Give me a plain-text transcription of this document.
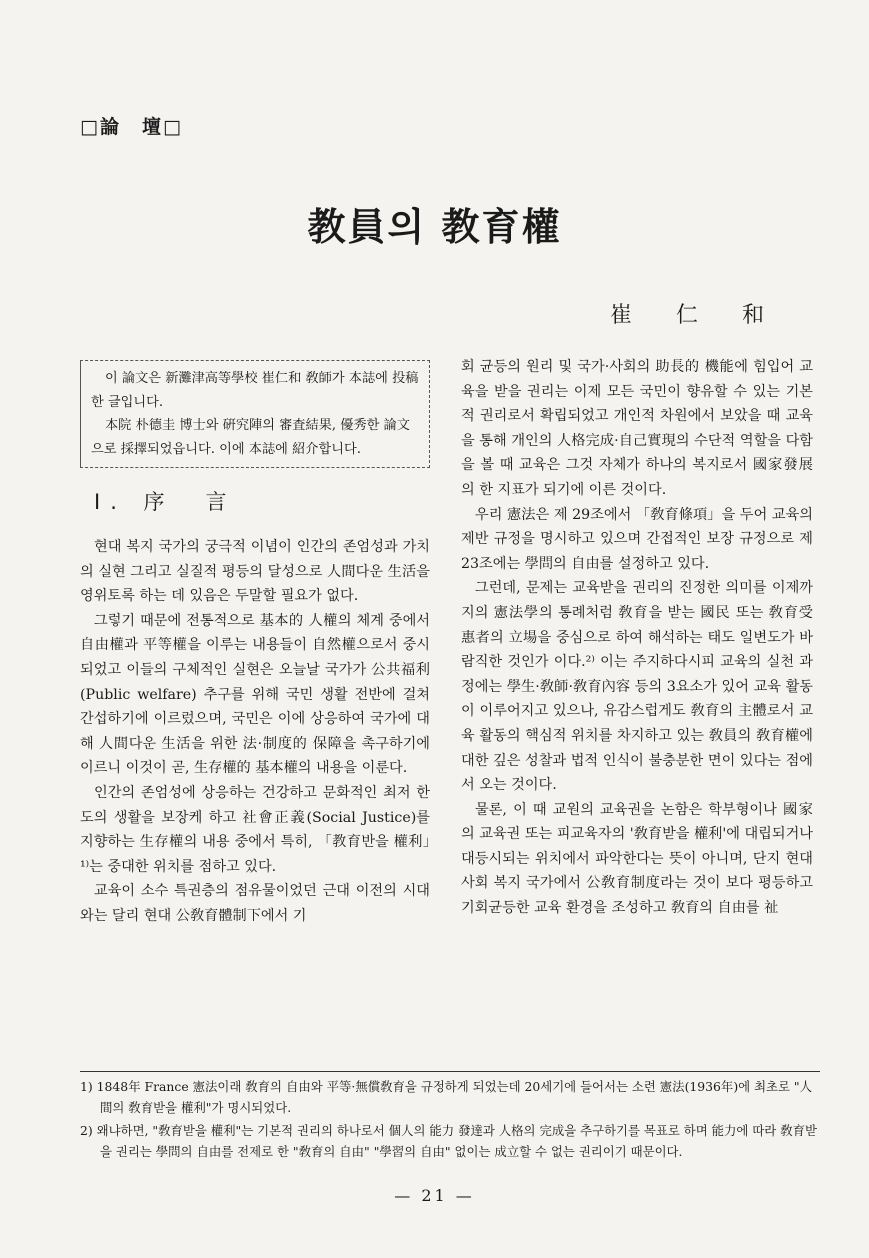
□論　壇□
教員의 教育權
崔仁和

이 論文은 新灘津高等學校 崔仁和 敎師가 本誌에 投稿한 글입니다.

本院 朴德圭 博士와 硏究陣의 審査結果, 優秀한 論文으로 採擇되었읍니다. 이에 本誌에 紹介합니다.

Ⅰ. 序　言

현대 복지 국가의 궁극적 이념이 인간의 존엄성과 가치의 실현 그리고 실질적 평등의 달성으로 人間다운 生活을 영위토록 하는 데 있음은 두말할 필요가 없다.

그렇기 때문에 전통적으로 基本的 人權의 체계 중에서 自由權과 平等權을 이루는 내용들이 自然權으로서 중시되었고 이들의 구체적인 실현은 오늘날 국가가 公共福利(Public welfare) 추구를 위해 국민 생활 전반에 걸쳐 간섭하기에 이르렀으며, 국민은 이에 상응하여 국가에 대해 人間다운 生活을 위한 法·制度的 保障을 촉구하기에 이르니 이것이 곧, 生存權的 基本權의 내용을 이룬다.

인간의 존엄성에 상응하는 건강하고 문화적인 최저 한도의 생활을 보장케 하고 社會正義(Social Justice)를 지향하는 生存權의 내용 중에서 특히, 「教育반을 權利」¹⁾는 중대한 위치를 점하고 있다.

교육이 소수 특권층의 점유물이었던 근대 이전의 시대와는 달리 현대 公敎育體制下에서 기

회 균등의 원리 및 국가·사회의 助長的 機能에 힘입어 교육을 받을 권리는 이제 모든 국민이 향유할 수 있는 기본적 권리로서 확립되었고 개인적 차원에서 보았을 때 교육을 통해 개인의 人格完成·自己實現의 수단적 역할을 다함을 볼 때 교육은 그것 자체가 하나의 복지로서 國家發展의 한 지표가 되기에 이른 것이다.

우리 憲法은 제 29조에서 「敎育條項」을 두어 교육의 제반 규정을 명시하고 있으며 간접적인 보장 규정으로 제 23조에는 學問의 自由를 설정하고 있다.

그런데, 문제는 교육받을 권리의 진정한 의미를 이제까지의 憲法學의 통례처럼 敎育을 받는 國民 또는 敎育受惠者의 立場을 중심으로 하여 해석하는 태도 일변도가 바람직한 것인가 이다.²⁾ 이는 주지하다시피 교육의 실천 과정에는 學生·敎師·敎育內容 등의 3요소가 있어 교육 활동이 이루어지고 있으나, 유감스럽게도 敎育의 主體로서 교육 활동의 핵심적 위치를 차지하고 있는 敎員의 敎育權에 대한 깊은 성찰과 법적 인식이 불충분한 면이 있다는 점에서 오는 것이다.

물론, 이 때 교원의 교육권을 논함은 학부형이나 國家의 교육권 또는 피교육자의 '敎育받을 權利'에 대립되거나 대등시되는 위치에서 파악한다는 뜻이 아니며, 단지 현대 사회 복지 국가에서 公敎育制度라는 것이 보다 평등하고 기회균등한 교육 환경을 조성하고 敎育의 自由를 祉

1) 1848年 France 憲法이래 敎育의 自由와 平等·無償敎育을 규정하게 되었는데 20세기에 들어서는 소련 憲法(1936年)에 최초로 "人間의 敎育받을 權利"가 명시되었다.

2) 왜냐하면, "敎育받을 權利"는 기본적 권리의 하나로서 個人의 能力 發達과 人格의 完成을 추구하기를 목표로 하며 能力에 따라 敎育받을 권리는 學問의 自由를 전제로 한 "敎育의 自由" "學習의 自由" 없이는 成立할 수 없는 권리이기 때문이다.

— 21 —
